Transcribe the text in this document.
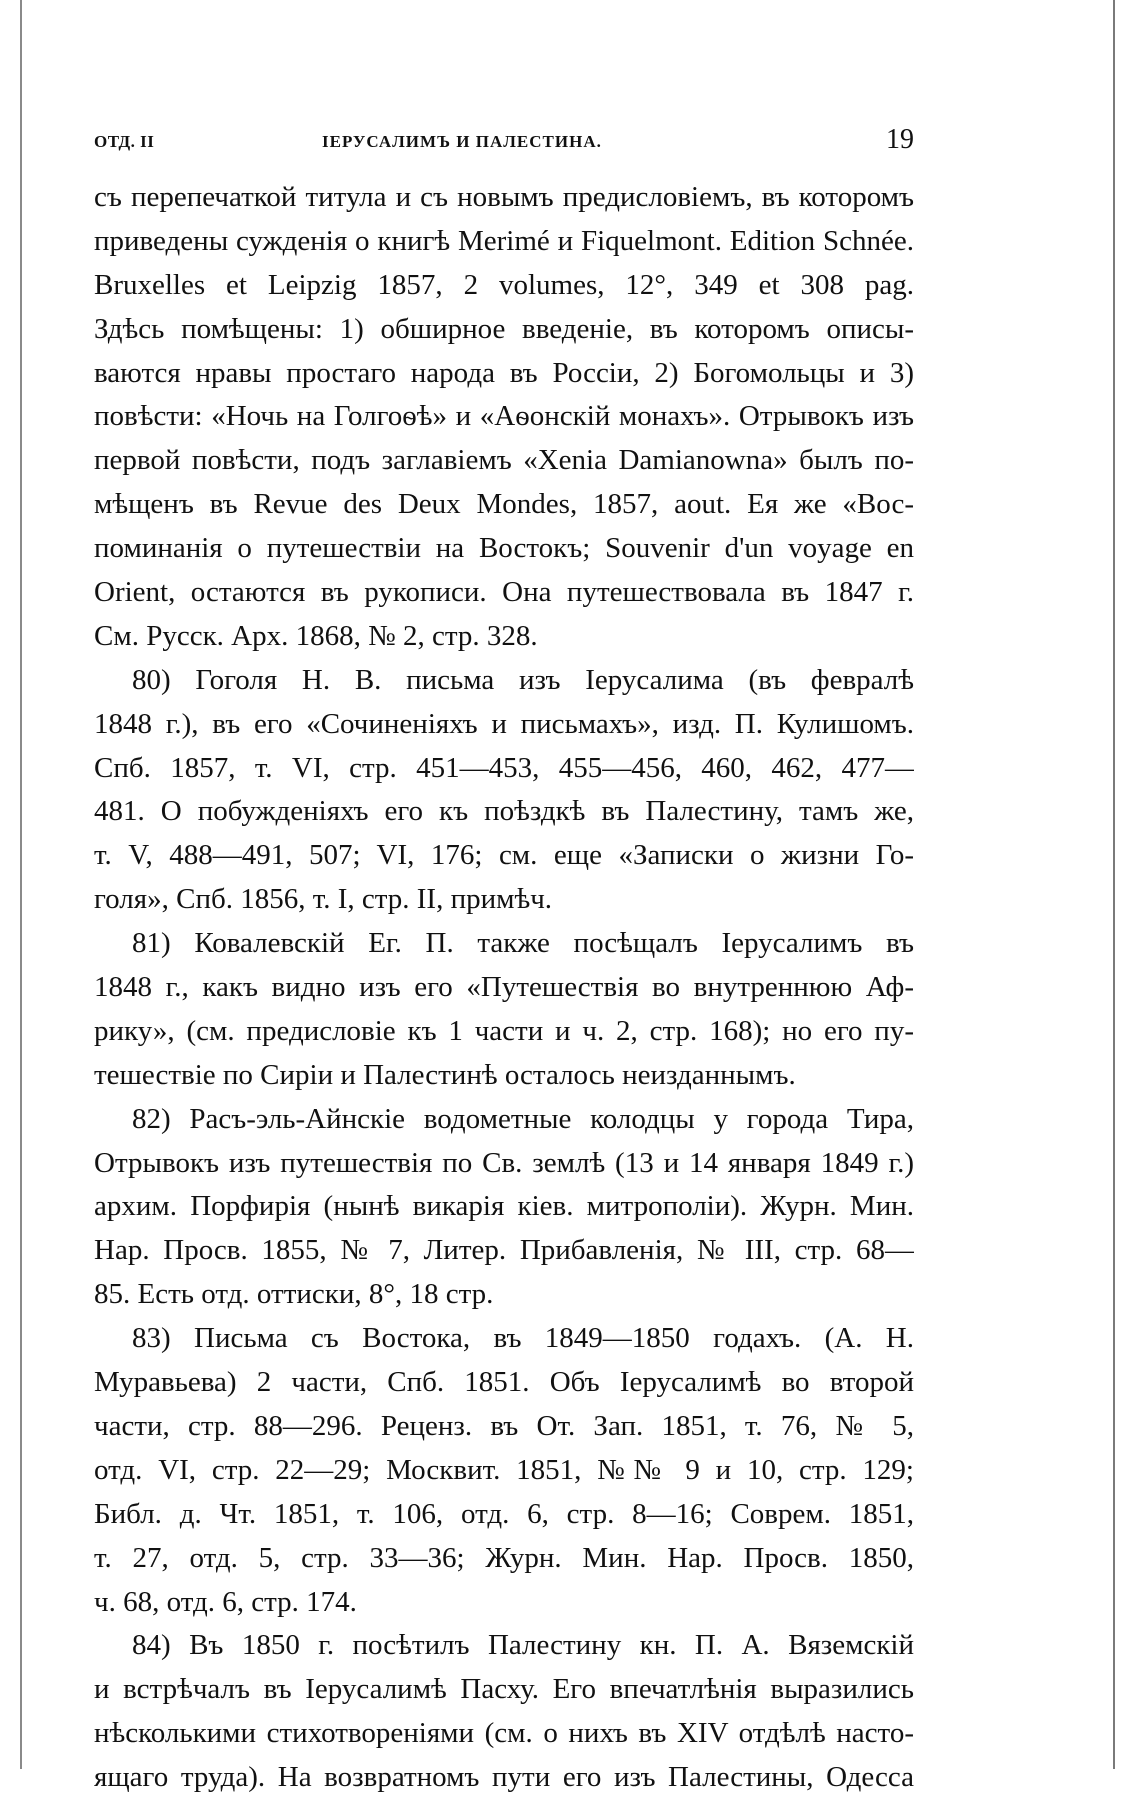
ОТД. II	ІЕРУСАЛИМЪ И ПАЛЕСТИНА.	19
съ перепечаткой титула и съ новымъ предисловіемъ, въ которомъ
приведены сужденія о книгѣ Merimé и Fiquelmont. Edition Schnée.
Bruxelles et Leipzig 1857, 2 volumes, 12°, 349 et 308 pag.
Здѣсь помѣщены: 1) обширное введеніе, въ которомъ описы-
ваются нравы простаго народа въ Россіи, 2) Богомольцы и 3)
повѣсти: «Ночь на Голгоѳѣ» и «Аѳонскій монахъ». Отрывокъ изъ
первой повѣсти, подъ заглавіемъ «Xenia Damianowna» былъ по-
мѣщенъ въ Revue des Deux Mondes, 1857, aout. Ея же «Вос-
поминанія о путешествіи на Востокъ; Souvenir d'un voyage en
Orient, остаются въ рукописи. Она путешествовала въ 1847 г.
См. Русск. Арх. 1868, № 2, стр. 328.
80) Гоголя Н. В. письма изъ Іерусалима (въ февралѣ
1848 г.), въ его «Сочиненіяхъ и письмахъ», изд. П. Кулишомъ.
Спб. 1857, т. VI, стр. 451—453, 455—456, 460, 462, 477—
481. О побужденіяхъ его къ поѣздкѣ въ Палестину, тамъ же,
т. V, 488—491, 507; VI, 176; см. еще «Записки о жизни Го-
голя», Спб. 1856, т. I, стр. II, примѣч.
81) Ковалевскій Ег. П. также посѣщалъ Іерусалимъ въ
1848 г., какъ видно изъ его «Путешествія во внутреннюю Аф-
рику», (см. предисловіе къ 1 части и ч. 2, стр. 168); но его пу-
тешествіе по Сиріи и Палестинѣ осталось неизданнымъ.
82) Расъ-эль-Айнскіе водометные колодцы у города Тира,
Отрывокъ изъ путешествія по Св. землѣ (13 и 14 января 1849 г.)
архим. Порфирія (нынѣ викарія кіев. митрополіи). Журн. Мин.
Нар. Просв. 1855, № 7, Литер. Прибавленія, № III, стр. 68—
85. Есть отд. оттиски, 8°, 18 стр.
83) Письма съ Востока, въ 1849—1850 годахъ. (А. Н.
Муравьева) 2 части, Спб. 1851. Объ Іерусалимѣ во второй
части, стр. 88—296. Реценз. въ От. Зап. 1851, т. 76, № 5,
отд. VI, стр. 22—29; Москвит. 1851, №№ 9 и 10, стр. 129;
Библ. д. Чт. 1851, т. 106, отд. 6, стр. 8—16; Соврем. 1851,
т. 27, отд. 5, стр. 33—36; Журн. Мин. Нар. Просв. 1850,
ч. 68, отд. 6, стр. 174.
84) Въ 1850 г. посѣтилъ Палестину кн. П. А. Вяземскій
и встрѣчалъ въ Іерусалимѣ Пасху. Его впечатлѣнія выразились
нѣсколькими стихотвореніями (см. о нихъ въ XIV отдѣлѣ насто-
ящаго труда). На возвратномъ пути его изъ Палестины, Одесса
